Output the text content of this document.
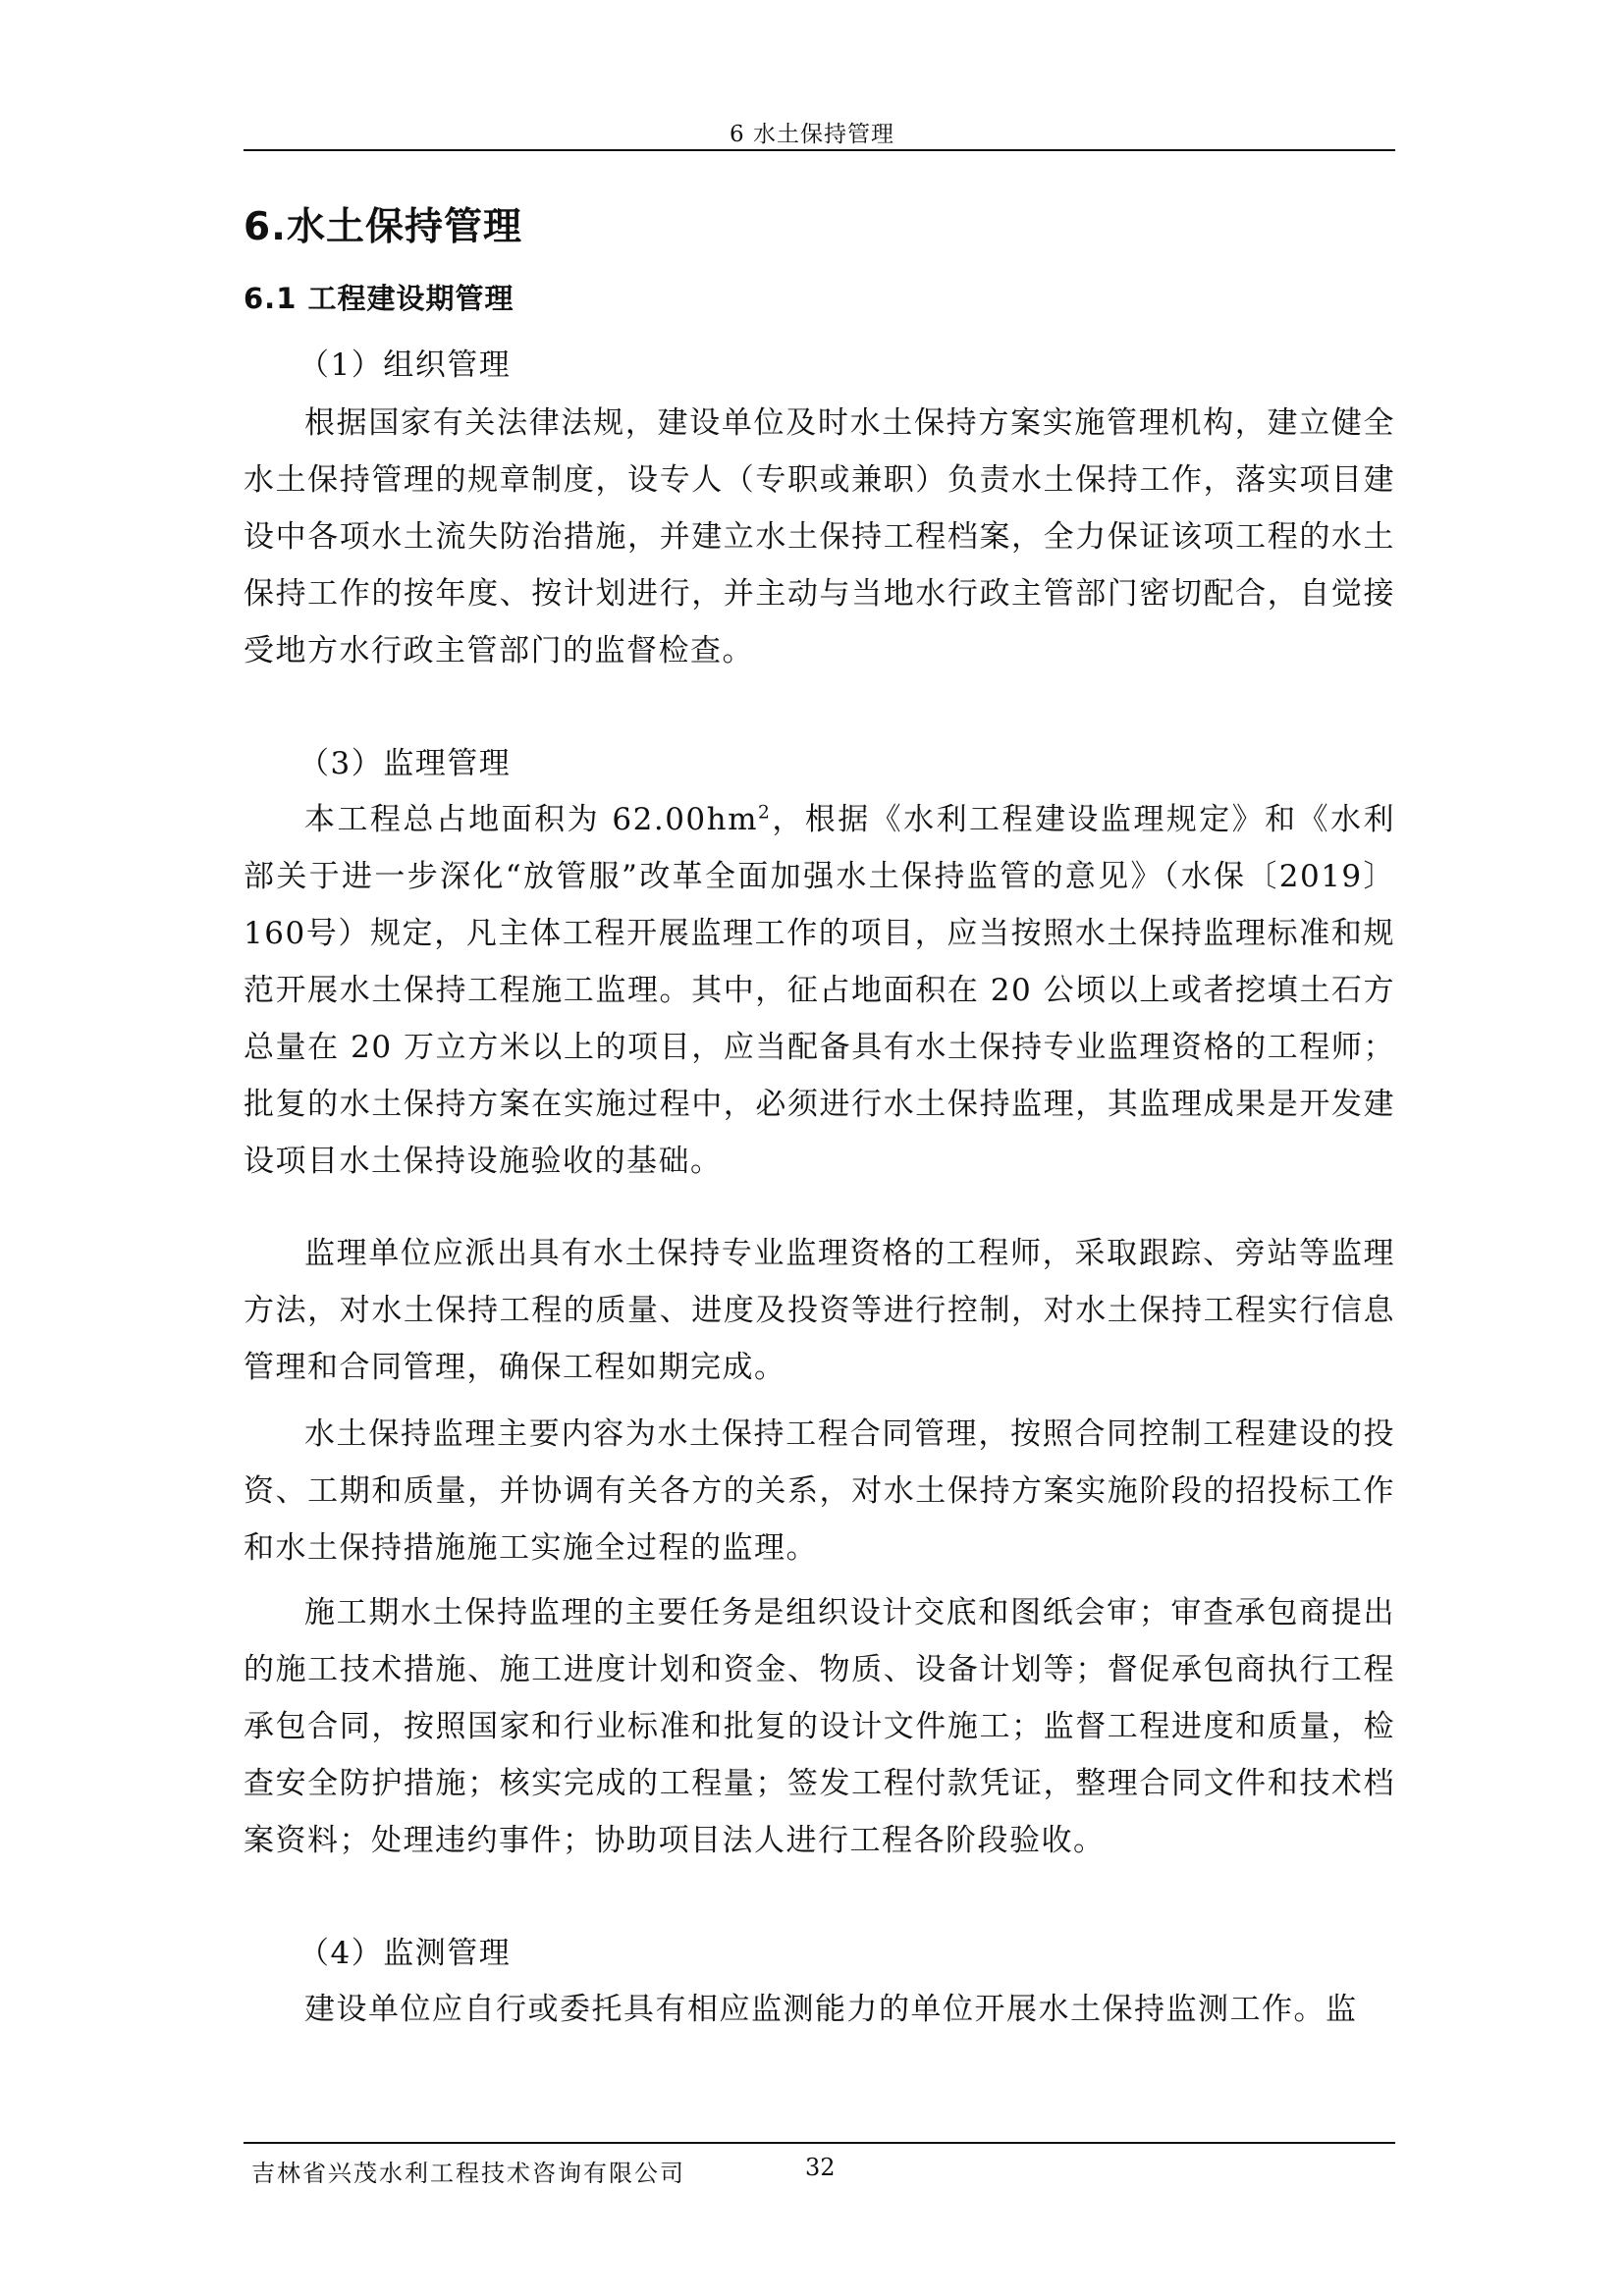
6 水土保持管理
6.水土保持管理
6.1 工程建设期管理
（1）组织管理
根据国家有关法律法规，建设单位及时水土保持方案实施管理机构，建立健全水土保持管理的规章制度，设专人（专职或兼职）负责水土保持工作，落实项目建设中各项水土流失防治措施，并建立水土保持工程档案，全力保证该项工程的水土保持工作的按年度、按计划进行，并主动与当地水行政主管部门密切配合，自觉接受地方水行政主管部门的监督检查。
（3）监理管理
本工程总占地面积为 $62.00hm^2$，根据《水利工程建设监理规定》和《水利部关于进一步深化“放管服”改革全面加强水土保持监管的意见》（水保〔2019〕160号）规定，凡主体工程开展监理工作的项目，应当按照水土保持监理标准和规范开展水土保持工程施工监理。其中，征占地面积在 20 公顷以上或者挖填土石方总量在 20 万立方米以上的项目，应当配备具有水土保持专业监理资格的工程师；批复的水土保持方案在实施过程中，必须进行水土保持监理，其监理成果是开发建设项目水土保持设施验收的基础。
监理单位应派出具有水土保持专业监理资格的工程师，采取跟踪、旁站等监理方法，对水土保持工程的质量、进度及投资等进行控制，对水土保持工程实行信息管理和合同管理，确保工程如期完成。
水土保持监理主要内容为水土保持工程合同管理，按照合同控制工程建设的投资、工期和质量，并协调有关各方的关系，对水土保持方案实施阶段的招投标工作和水土保持措施施工实施全过程的监理。
施工期水土保持监理的主要任务是组织设计交底和图纸会审；审查承包商提出的施工技术措施、施工进度计划和资金、物质、设备计划等；督促承包商执行工程承包合同，按照国家和行业标准和批复的设计文件施工；监督工程进度和质量，检查安全防护措施；核实完成的工程量；签发工程付款凭证，整理合同文件和技术档案资料；处理违约事件；协助项目法人进行工程各阶段验收。
（4）监测管理
建设单位应自行或委托具有相应监测能力的单位开展水土保持监测工作。监
吉林省兴茂水利工程技术咨询有限公司	32
